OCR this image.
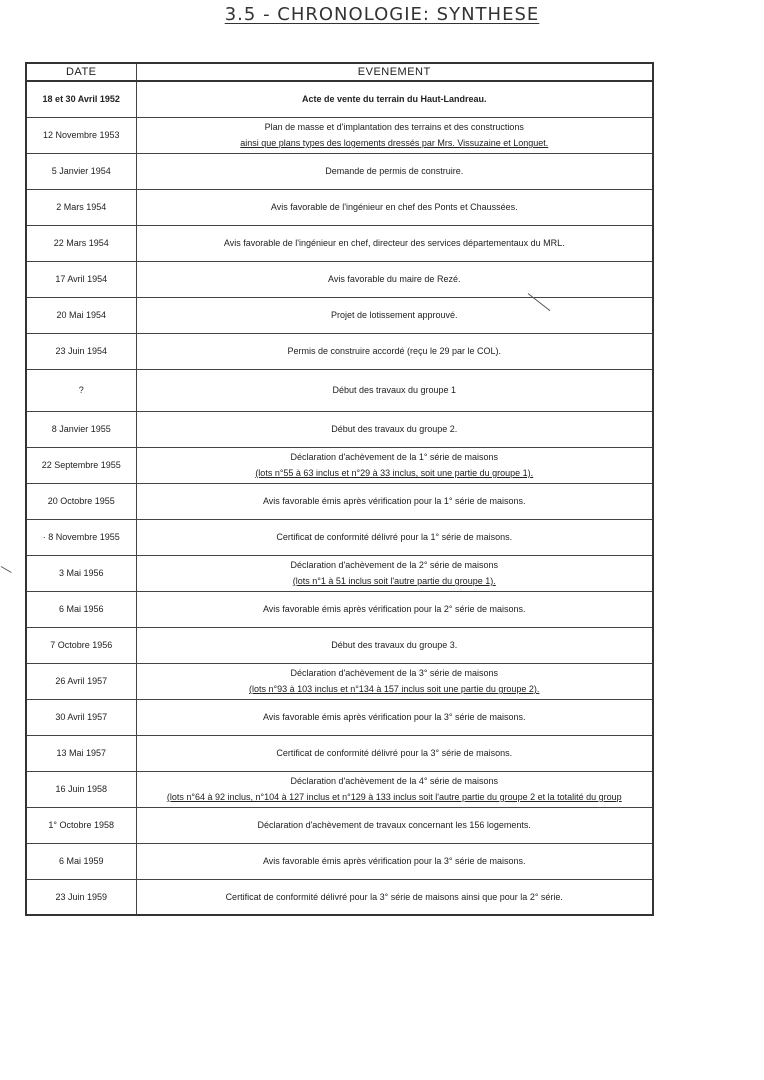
3.5 - CHRONOLOGIE: SYNTHESE
DATE	EVENEMENT
18 et 30 Avril 1952	Acte de vente du terrain du Haut-Landreau.

12 Novembre 1953	Plan de masse et d'implantation des terrains et des constructions
ainsi que plans types des logements dressés par Mrs. Vissuzaine et Longuet.

5 Janvier 1954	Demande de permis de construire.

2 Mars 1954	Avis favorable de l'ingénieur en chef des Ponts et Chaussées.

22 Mars 1954	Avis favorable de l'ingénieur en chef, directeur des services départementaux du MRL.

17 Avril 1954	Avis favorable du maire de Rezé.

20 Mai 1954	Projet de lotissement approuvé.

23 Juin 1954	Permis de construire accordé (reçu le 29 par le COL).

?	Début des travaux du groupe 1

8 Janvier 1955	Début des travaux du groupe 2.

22 Septembre 1955	Déclaration d'achèvement de la 1° série de maisons
(lots n°55 à 63 inclus et n°29 à 33 inclus, soit une partie du groupe 1).

20 Octobre 1955	Avis favorable émis après vérification pour la 1° série de maisons.

· 8 Novembre 1955	Certificat de conformité délivré pour la 1° série de maisons.

3 Mai 1956	Déclaration d'achèvement de la 2° série de maisons
(lots n°1 à 51 inclus soit l'autre partie du groupe 1).

6 Mai 1956	Avis favorable émis après vérification pour la 2° série de maisons.

7 Octobre 1956	Début des travaux du groupe 3.

26 Avril 1957	Déclaration d'achèvement de la 3° série de maisons
(lots n°93 à 103 inclus et n°134 à 157 inclus soit une partie du groupe 2).

30 Avril 1957	Avis favorable émis après vérification pour la 3° série de maisons.

13 Mai 1957	Certificat de conformité délivré pour la 3° série de maisons.

16 Juin 1958	Déclaration d'achèvement de la 4° série de maisons
(lots n°64 à 92 inclus, n°104 à 127 inclus et n°129 à 133 inclus soit l'autre partie du groupe 2 et la totalité du group

1° Octobre 1958	Déclaration d'achèvement de travaux concernant les 156 logements.

6 Mai 1959	Avis favorable émis après vérification pour la 3° série de maisons.

23 Juin 1959	Certificat de conformité délivré pour la 3° série de maisons ainsi que pour la 2° série.
